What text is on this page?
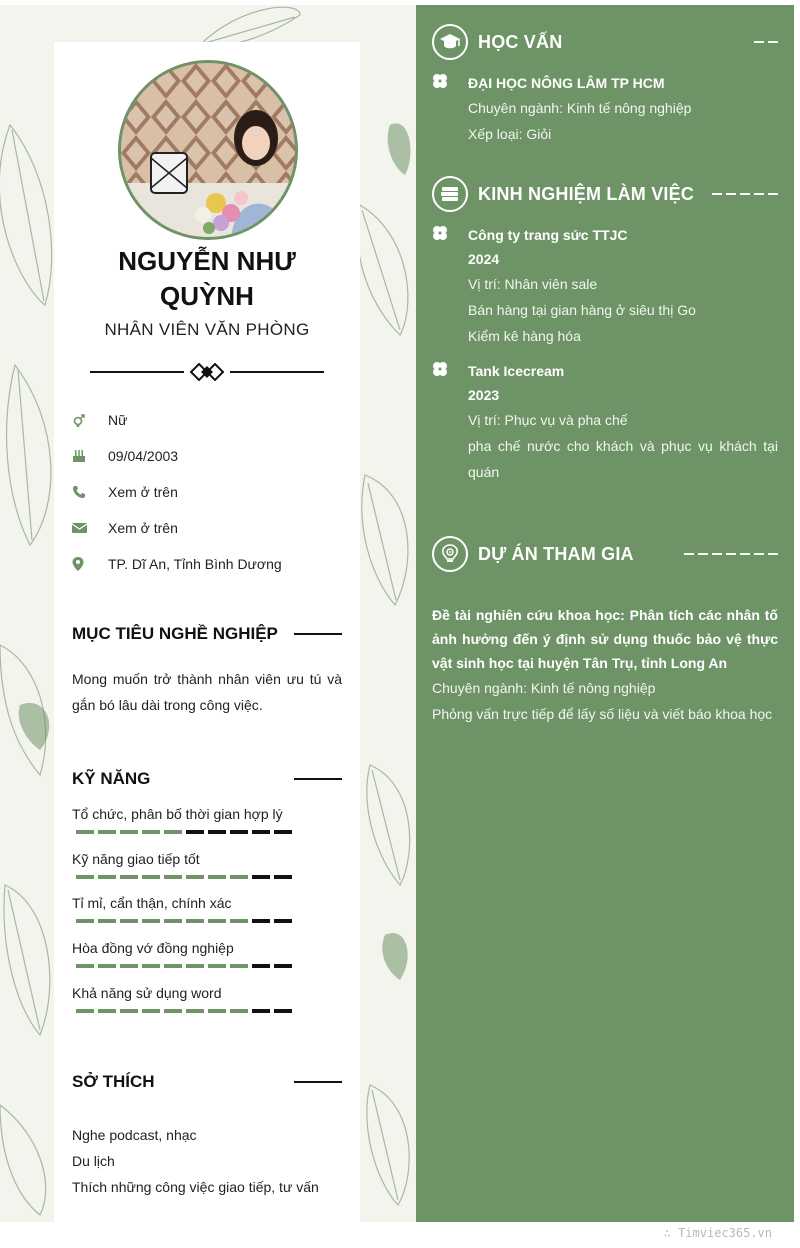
HỌC VẤN
ĐẠI HỌC NÔNG LÂM TP HCM
Chuyên ngành: Kinh tế nông nghiệp
Xếp loại: Giỏi
KINH NGHIỆM LÀM VIỆC
Công ty trang sức TTJC
2024

Vị trí: Nhân viên sale

Bán hàng tại gian hàng ở siêu thị Go

Kiểm kê hàng hóa

Tank Icecream
2023

Vị trí: Phục vụ và pha chế

pha chế nước cho khách và phục vụ khách tại quán

DỰ ÁN THAM GIA
Đề tài nghiên cứu khoa học: Phân tích các nhân tố ảnh hưởng đến ý định sử dụng thuốc bảo vệ thực vật sinh học tại huyện Tân Trụ, tỉnh Long An
Chuyên ngành: Kinh tế nông nghiệp
Phỏng vấn trực tiếp để lấy số liệu và viết báo khoa học
NGUYỄN NHƯ QUỲNH
NHÂN VIÊN VĂN PHÒNG
Nữ
09/04/2003
Xem ở trên
Xem ở trên
TP. Dĩ An, Tỉnh Bình Dương
MỤC TIÊU NGHỀ NGHIỆP
Mong muốn trở thành nhân viên ưu tú và gắn bó lâu dài trong công việc.
KỸ NĂNG
Tổ chức, phân bố thời gian hợp lý
Kỹ năng giao tiếp tốt
Tỉ mỉ, cẩn thận, chính xác
Hòa đồng vớ đồng nghiệp
Khả năng sử dụng word
SỞ THÍCH
Nghe podcast, nhạc
Du lịch
Thích những công việc giao tiếp, tư vấn
∴ Timviec365.vn
